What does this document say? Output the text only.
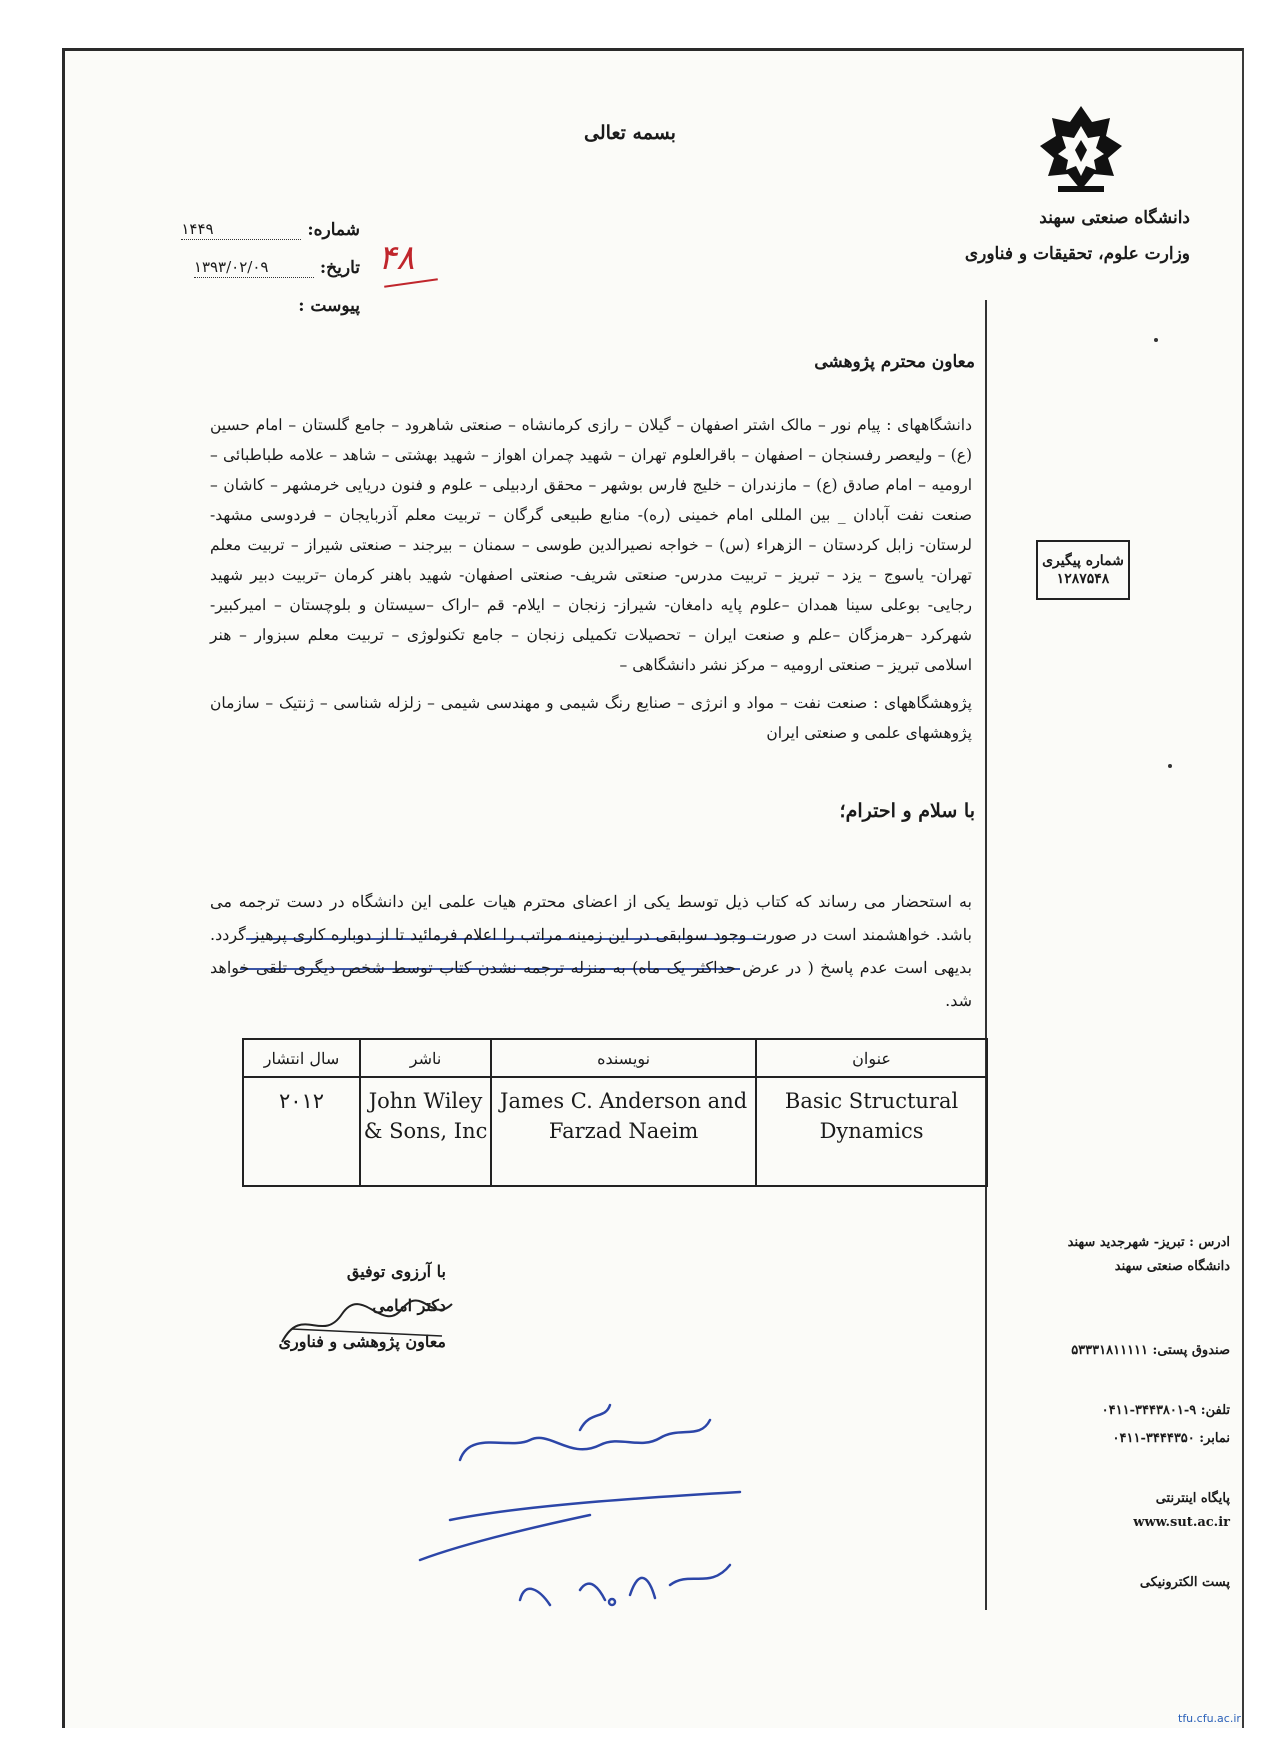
دانشگاه صنعتی سهند
وزارت علوم، تحقیقات و فناوری
بسمه تعالی
۱۴۴۹	شماره:
۱۳۹۳/۰۲/۰۹	تاریخ:
پیوست :
۴۸
شماره پیگیری
۱۲۸۷۵۴۸
معاون محترم پژوهشی
دانشگاههای : پیام نور – مالک اشتر اصفهان – گیلان – رازی کرمانشاه – صنعتی شاهرود – جامع گلستان – امام حسین (ع) – ولیعصر رفسنجان – اصفهان – باقرالعلوم تهران – شهید چمران اهواز – شهید بهشتی – شاهد – علامه طباطبائی – ارومیه – امام صادق (ع) – مازندران – خلیج فارس بوشهر – محقق اردبیلی – علوم و فنون دریایی خرمشهر – کاشان – صنعت نفت آبادان _ بین المللی امام خمینی (ره)- منابع طبیعی گرگان – تربیت معلم آذربایجان – فردوسی مشهد- لرستان- زابل کردستان – الزهراء (س) – خواجه نصیرالدین طوسی – سمنان – بیرجند – صنعتی شیراز – تربیت معلم تهران- یاسوج – یزد – تبریز – تربیت مدرس- صنعتی شریف- صنعتی اصفهان- شهید باهنر کرمان –تربیت دبیر شهید رجایی- بوعلی سینا همدان –علوم پایه دامغان- شیراز- زنجان – ایلام- قم –اراک –سیستان و بلوچستان – امیرکبیر- شهرکرد –هرمزگان –علم و صنعت ایران – تحصیلات تکمیلی زنجان – جامع تکنولوژی – تربیت معلم سبزوار – هنر اسلامی تبریز – صنعتی ارومیه – مرکز نشر دانشگاهی –
پژوهشگاههای : صنعت نفت – مواد و انرژی – صنایع رنگ شیمی و مهندسی شیمی – زلزله شناسی – ژنتیک – سازمان پژوهشهای علمی و صنعتی ایران
با سلام و احترام؛
به استحضار می رساند که کتاب ذیل توسط یکی از اعضای محترم هیات علمی این دانشگاه در دست ترجمه می باشد. خواهشمند است در صورت وجود سوابقی در این زمینه مراتب را اعلام فرمائید تا از دوباره کاری پرهیز گردد. بدیهی است عدم پاسخ ( در عرض حداکثر یک ماه) به منزله ترجمه نشدن کتاب توسط شخص دیگری تلقی خواهد شد.
عنوان	نویسنده	ناشر	سال انتشار
Basic Structural Dynamics	James C. Anderson and Farzad Naeim	John Wiley & Sons, Inc	۲۰۱۲
با آرزوی توفیق
دکتر امامی
معاون پژوهشی و فناوری
ادرس : تبریز- شهرجدید سهند
دانشگاه صنعتی سهند
صندوق پستی: ۵۳۳۳۱۸۱۱۱۱۱
تلفن: ۹-۳۴۴۳۸۰۱-۰۴۱۱
نمابر: ۳۴۴۴۳۵۰-۰۴۱۱
پایگاه اینترنتی
www.sut.ac.ir
پست الکترونیکی
tfu.cfu.ac.ir
